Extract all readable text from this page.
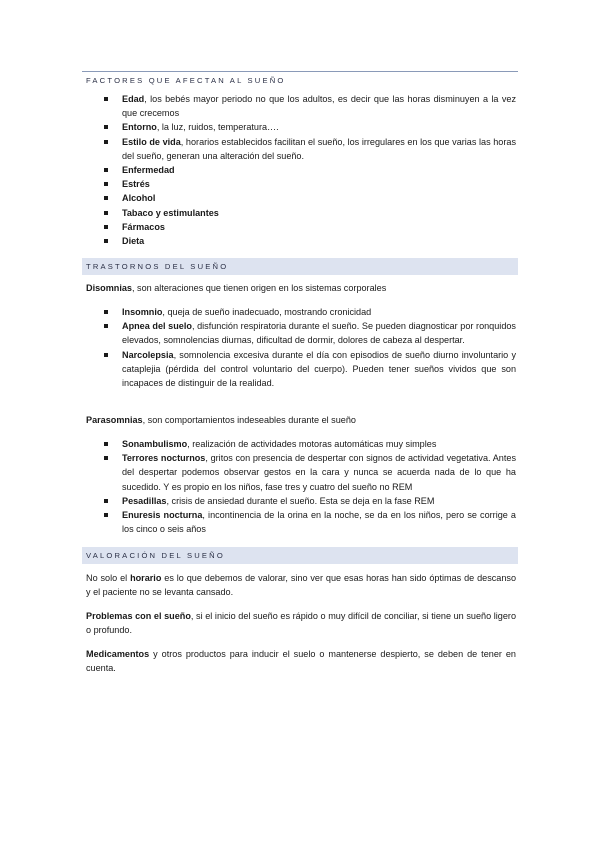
FACTORES QUE AFECTAN AL SUEÑO
Edad, los bebés mayor periodo no que los adultos, es decir que las horas disminuyen a la vez que crecemos
Entorno, la luz, ruidos, temperatura….
Estilo de vida, horarios establecidos facilitan el sueño, los irregulares en los que varias las horas del sueño, generan una alteración del sueño.
Enfermedad
Estrés
Alcohol
Tabaco y estimulantes
Fármacos
Dieta
TRASTORNOS DEL SUEÑO

Disomnias, son alteraciones que tienen origen en los sistemas corporales

Insomnio, queja de sueño inadecuado, mostrando cronicidad
Apnea del suelo, disfunción respiratoria durante el sueño. Se pueden diagnosticar por ronquidos elevados, somnolencias diurnas, dificultad de dormir, dolores de cabeza al despertar.
Narcolepsia, somnolencia excesiva durante el día con episodios de sueño diurno involuntario y cataplejia (pérdida del control voluntario del cuerpo). Pueden tener sueños vividos que son incapaces de distinguir de la realidad.

Parasomnias, son comportamientos indeseables durante el sueño

Sonambulismo, realización de actividades motoras automáticas muy simples
Terrores nocturnos, gritos con presencia de despertar con signos de actividad vegetativa. Antes del despertar podemos observar gestos en la cara y nunca se acuerda nada de lo que ha sucedido. Y es propio en los niños, fase tres y cuatro del sueño no REM
Pesadillas, crisis de ansiedad durante el sueño. Esta se deja en la fase REM
Enuresis nocturna, incontinencia de la orina en la noche, se da en los niños, pero se corrige a los cinco o seis años
VALORACIÓN DEL SUEÑO

No solo el horario es lo que debemos de valorar, sino ver que esas horas han sido óptimas de descanso y el paciente no se levanta cansado.

Problemas con el sueño, si el inicio del sueño es rápido o muy difícil de conciliar, si tiene un sueño ligero o profundo.

Medicamentos y otros productos para inducir el suelo o mantenerse despierto, se deben de tener en cuenta.
